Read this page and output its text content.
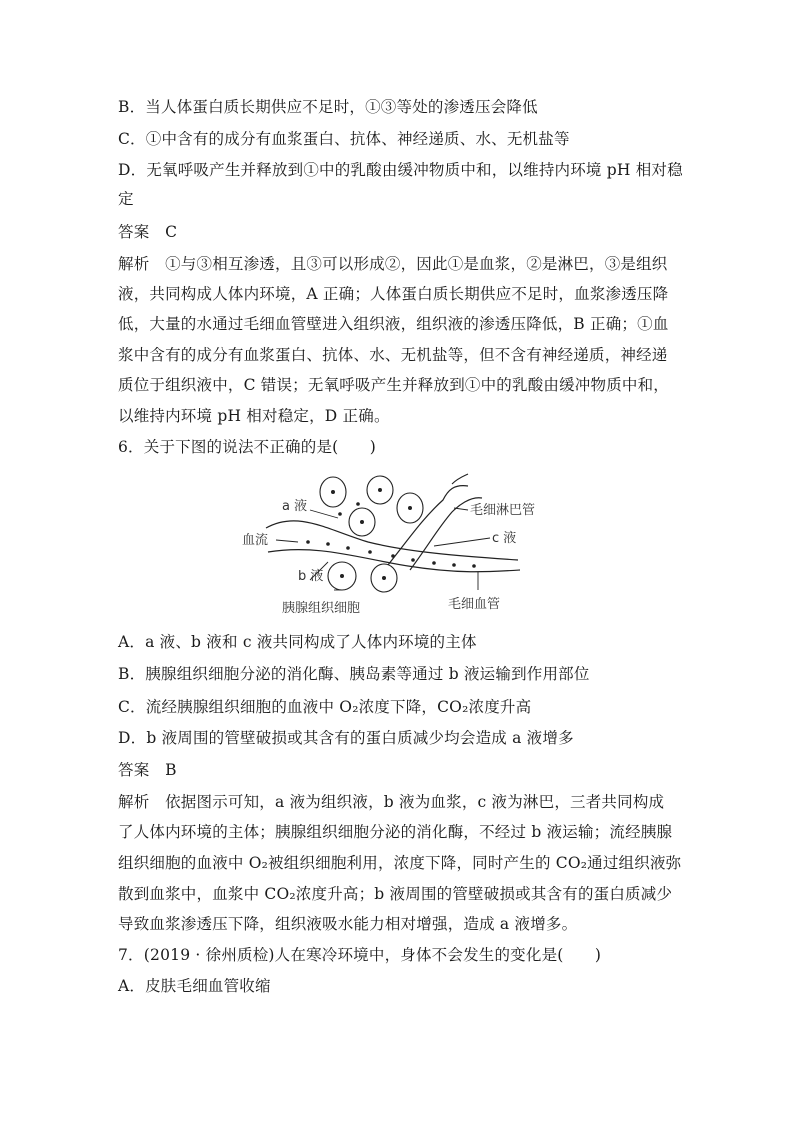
B．当人体蛋白质长期供应不足时，①③等处的渗透压会降低
C．①中含有的成分有血浆蛋白、抗体、神经递质、水、无机盐等
D．无氧呼吸产生并释放到①中的乳酸由缓冲物质中和，以维持内环境 pH 相对稳
定
答案　C
解析　①与③相互渗透，且③可以形成②，因此①是血浆，②是淋巴，③是组织
液，共同构成人体内环境，A 正确；人体蛋白质长期供应不足时，血浆渗透压降
低，大量的水通过毛细血管壁进入组织液，组织液的渗透压降低，B 正确；①血
浆中含有的成分有血浆蛋白、抗体、水、无机盐等，但不含有神经递质，神经递
质位于组织液中，C 错误；无氧呼吸产生并释放到①中的乳酸由缓冲物质中和，
以维持内环境 pH 相对稳定，D 正确。
6．关于下图的说法不正确的是(　　)
a 液
血流
b 液
胰腺组织细胞
毛细淋巴管
c 液
毛细血管
A．a 液、b 液和 c 液共同构成了人体内环境的主体
B．胰腺组织细胞分泌的消化酶、胰岛素等通过 b 液运输到作用部位
C．流经胰腺组织细胞的血液中 O₂浓度下降，CO₂浓度升高
D．b 液周围的管壁破损或其含有的蛋白质减少均会造成 a 液增多
答案　B
解析　依据图示可知，a 液为组织液，b 液为血浆，c 液为淋巴，三者共同构成
了人体内环境的主体；胰腺组织细胞分泌的消化酶，不经过 b 液运输；流经胰腺
组织细胞的血液中 O₂被组织细胞利用，浓度下降，同时产生的 CO₂通过组织液弥
散到血浆中，血浆中 CO₂浓度升高；b 液周围的管壁破损或其含有的蛋白质减少
导致血浆渗透压下降，组织液吸水能力相对增强，造成 a 液增多。
7．(2019 · 徐州质检)人在寒冷环境中，身体不会发生的变化是(　　)
A．皮肤毛细血管收缩
